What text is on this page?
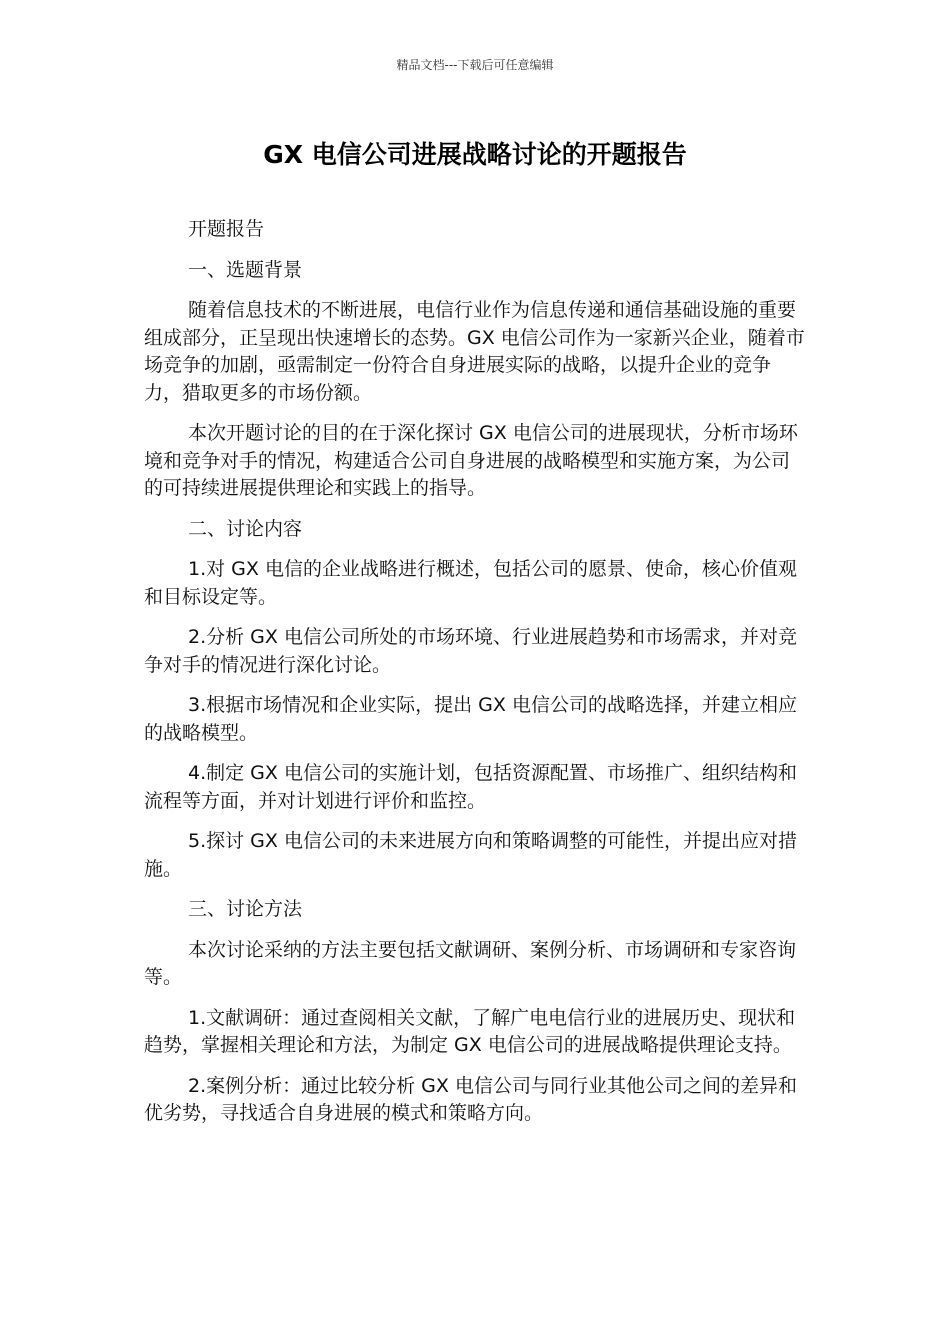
精品文档---下载后可任意编辑
GX 电信公司进展战略讨论的开题报告

开题报告

一、选题背景

随着信息技术的不断进展，电信行业作为信息传递和通信基础设施的重要组成部分，正呈现出快速增长的态势。GX 电信公司作为一家新兴企业，随着市场竞争的加剧，亟需制定一份符合自身进展实际的战略，以提升企业的竞争力，猎取更多的市场份额。

本次开题讨论的目的在于深化探讨 GX 电信公司的进展现状，分析市场环境和竞争对手的情况，构建适合公司自身进展的战略模型和实施方案，为公司的可持续进展提供理论和实践上的指导。

二、讨论内容

1.对 GX 电信的企业战略进行概述，包括公司的愿景、使命，核心价值观和目标设定等。

2.分析 GX 电信公司所处的市场环境、行业进展趋势和市场需求，并对竞争对手的情况进行深化讨论。

3.根据市场情况和企业实际，提出 GX 电信公司的战略选择，并建立相应的战略模型。

4.制定 GX 电信公司的实施计划，包括资源配置、市场推广、组织结构和流程等方面，并对计划进行评价和监控。

5.探讨 GX 电信公司的未来进展方向和策略调整的可能性，并提出应对措施。

三、讨论方法

本次讨论采纳的方法主要包括文献调研、案例分析、市场调研和专家咨询等。

1.文献调研：通过查阅相关文献，了解广电电信行业的进展历史、现状和趋势，掌握相关理论和方法，为制定 GX 电信公司的进展战略提供理论支持。

2.案例分析：通过比较分析 GX 电信公司与同行业其他公司之间的差异和优劣势，寻找适合自身进展的模式和策略方向。
